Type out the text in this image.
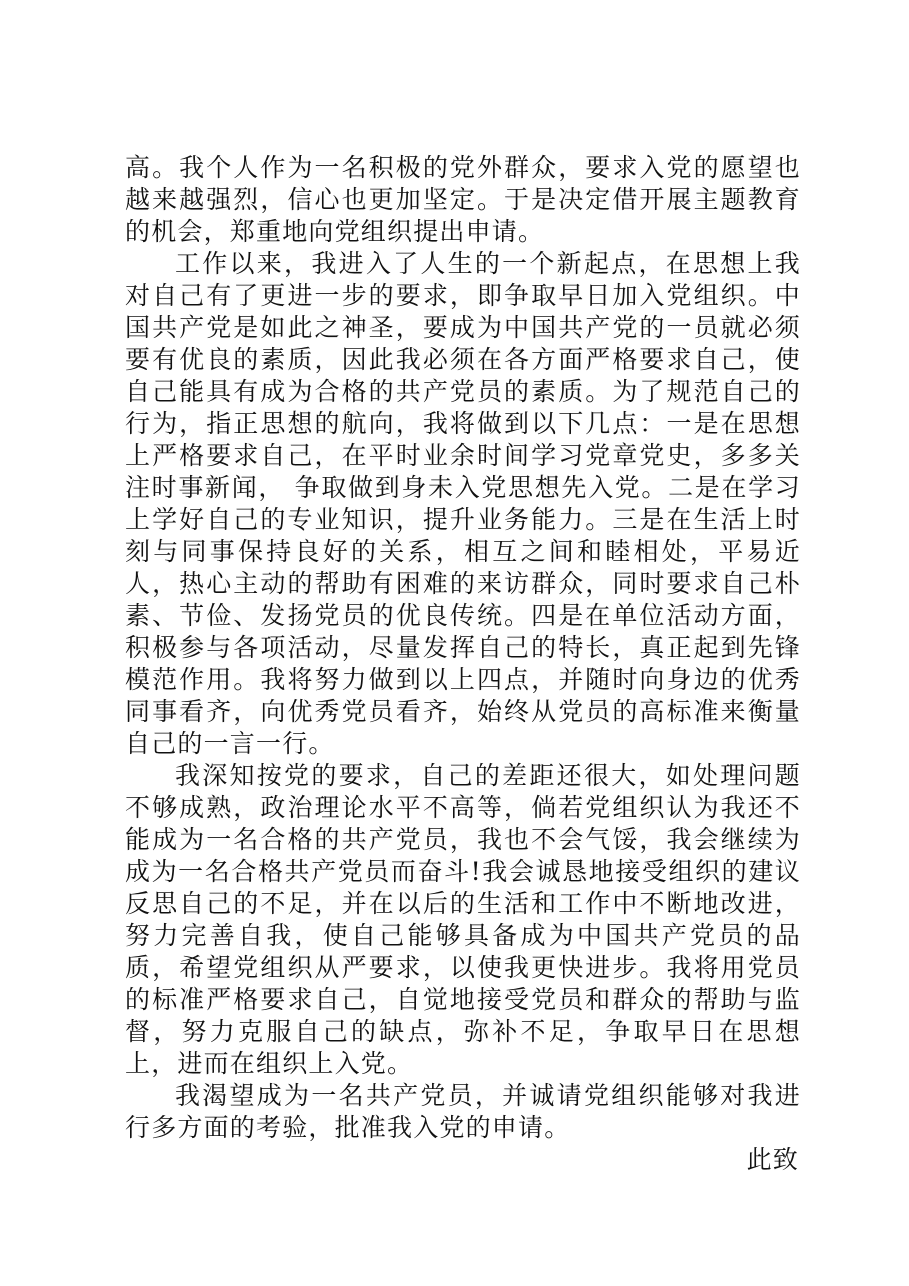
高。我个人作为一名积极的党外群众，要求入党的愿望也越来越强烈，信心也更加坚定。于是决定借开展主题教育的机会，郑重地向党组织提出申请。

工作以来，我进入了人生的一个新起点，在思想上我对自己有了更进一步的要求，即争取早日加入党组织。中国共产党是如此之神圣，要成为中国共产党的一员就必须要有优良的素质，因此我必须在各方面严格要求自己，使自己能具有成为合格的共产党员的素质。为了规范自己的行为，指正思想的航向，我将做到以下几点：一是在思想上严格要求自己，在平时业余时间学习党章党史，多多关注时事新闻， 争取做到身未入党思想先入党。二是在学习上学好自己的专业知识，提升业务能力。三是在生活上时刻与同事保持良好的关系，相互之间和睦相处，平易近人，热心主动的帮助有困难的来访群众，同时要求自己朴素、节俭、发扬党员的优良传统。四是在单位活动方面，积极参与各项活动，尽量发挥自己的特长，真正起到先锋模范作用。我将努力做到以上四点，并随时向身边的优秀同事看齐，向优秀党员看齐，始终从党员的高标准来衡量自己的一言一行。

我深知按党的要求，自己的差距还很大，如处理问题不够成熟，政治理论水平不高等，倘若党组织认为我还不能成为一名合格的共产党员，我也不会气馁，我会继续为成为一名合格共产党员而奋斗!我会诚恳地接受组织的建议反思自己的不足，并在以后的生活和工作中不断地改进，努力完善自我，使自己能够具备成为中国共产党员的品质，希望党组织从严要求，以使我更快进步。我将用党员的标准严格要求自己，自觉地接受党员和群众的帮助与监督，努力克服自己的缺点，弥补不足，争取早日在思想上，进而在组织上入党。

我渴望成为一名共产党员，并诚请党组织能够对我进行多方面的考验，批准我入党的申请。

此致
